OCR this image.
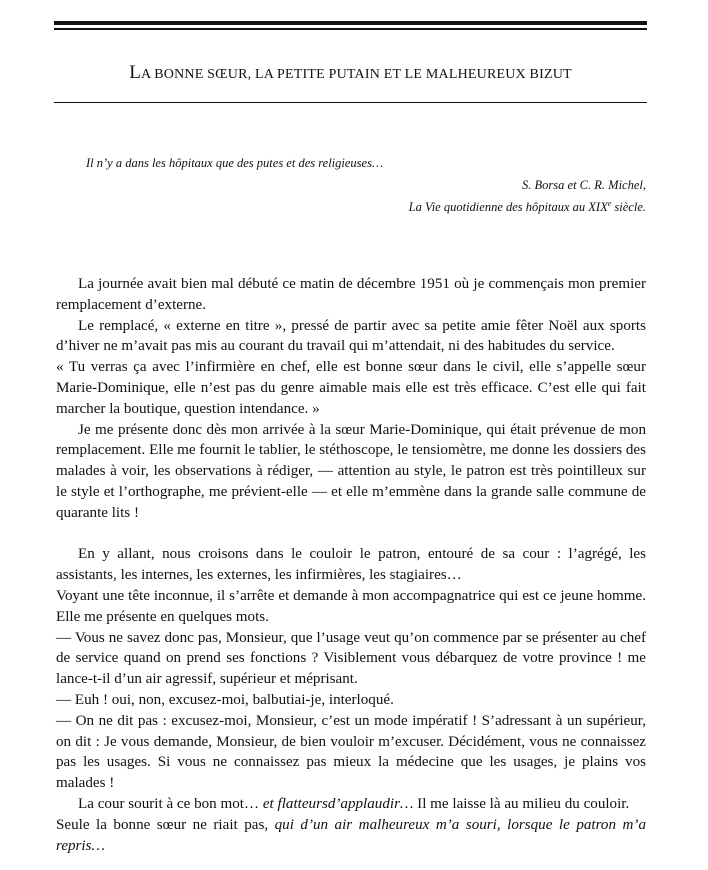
LA BONNE SŒUR, LA PETITE PUTAIN ET LE MALHEUREUX BIZUT
Il n’y a dans les hôpitaux que des putes et des religieuses…
S. Borsa et C. R. Michel,
La Vie quotidienne des hôpitaux au XIXe siècle.

La journée avait bien mal débuté ce matin de décembre 1951 où je commençais mon premier remplacement d’externe.

Le remplacé, « externe en titre », pressé de partir avec sa petite amie fêter Noël aux sports d’hiver ne m’avait pas mis au courant du travail qui m’attendait, ni des habitudes du service.

« Tu verras ça avec l’infirmière en chef, elle est bonne sœur dans le civil, elle s’appelle sœur Marie-Dominique, elle n’est pas du genre aimable mais elle est très efficace. C’est elle qui fait marcher la boutique, question intendance. »

Je me présente donc dès mon arrivée à la sœur Marie-Dominique, qui était prévenue de mon remplacement. Elle me fournit le tablier, le stéthoscope, le tensiomètre, me donne les dossiers des malades à voir, les observations à rédiger, — attention au style, le patron est très pointilleux sur le style et l’orthographe, me prévient-elle — et elle m’emmène dans la grande salle commune de quarante lits !

En y allant, nous croisons dans le couloir le patron, entouré de sa cour : l’agrégé, les assistants, les internes, les externes, les infirmières, les stagiaires…

Voyant une tête inconnue, il s’arrête et demande à mon accompagnatrice qui est ce jeune homme. Elle me présente en quelques mots.

— Vous ne savez donc pas, Monsieur, que l’usage veut qu’on commence par se présenter au chef de service quand on prend ses fonctions ? Visiblement vous débarquez de votre province ! me lance-t-il d’un air agressif, supérieur et méprisant.

— Euh ! oui, non, excusez-moi, balbutiai-je, interloqué.

— On ne dit pas : excusez-moi, Monsieur, c’est un mode impératif ! S’adressant à un supérieur, on dit : Je vous demande, Monsieur, de bien vouloir m’excuser. Décidément, vous ne connaissez pas les usages. Si vous ne connaissez pas mieux la médecine que les usages, je plains vos malades !

La cour sourit à ce bon mot… et flatteursd’applaudir… Il me laisse là au milieu du couloir.

Seule la bonne sœur ne riait pas, qui d’un air malheureux m’a souri, lorsque le patron m’a repris…
